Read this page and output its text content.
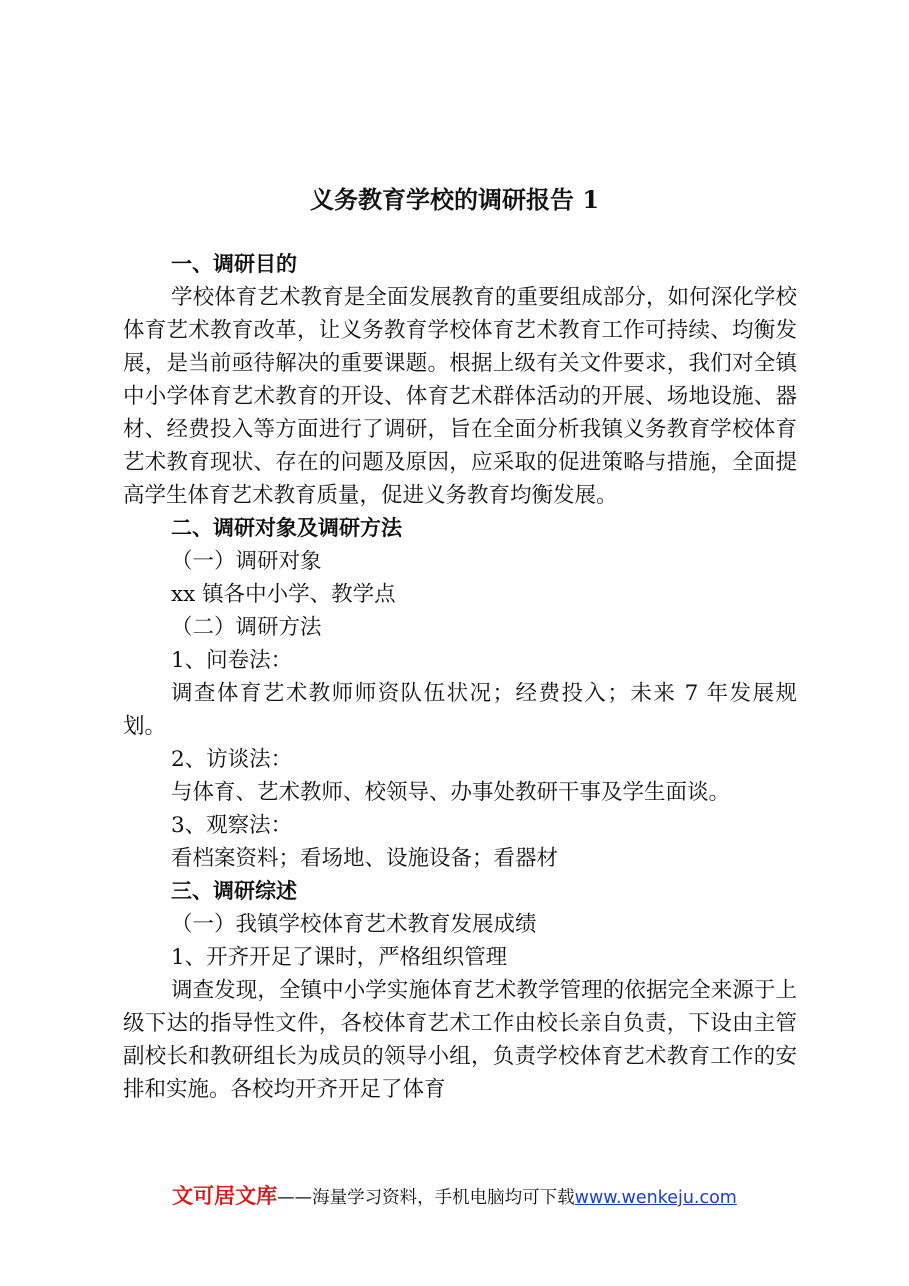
义务教育学校的调研报告 1
一、调研目的
学校体育艺术教育是全面发展教育的重要组成部分，如何深化学校体育艺术教育改革，让义务教育学校体育艺术教育工作可持续、均衡发展，是当前亟待解决的重要课题。根据上级有关文件要求，我们对全镇中小学体育艺术教育的开设、体育艺术群体活动的开展、场地设施、器材、经费投入等方面进行了调研，旨在全面分析我镇义务教育学校体育艺术教育现状、存在的问题及原因，应采取的促进策略与措施，全面提高学生体育艺术教育质量，促进义务教育均衡发展。
二、调研对象及调研方法
（一）调研对象
xx 镇各中小学、教学点
（二）调研方法
1、问卷法：
调查体育艺术教师师资队伍状况；经费投入；未来 7 年发展规划。
2、访谈法：
与体育、艺术教师、校领导、办事处教研干事及学生面谈。
3、观察法：
看档案资料；看场地、设施设备；看器材
三、调研综述
（一）我镇学校体育艺术教育发展成绩
1、开齐开足了课时，严格组织管理
调查发现，全镇中小学实施体育艺术教学管理的依据完全来源于上级下达的指导性文件，各校体育艺术工作由校长亲自负责，下设由主管副校长和教研组长为成员的领导小组，负责学校体育艺术教育工作的安排和实施。各校均开齐开足了体育
文可居文库——海量学习资料，手机电脑均可下载www.wenkeju.com
